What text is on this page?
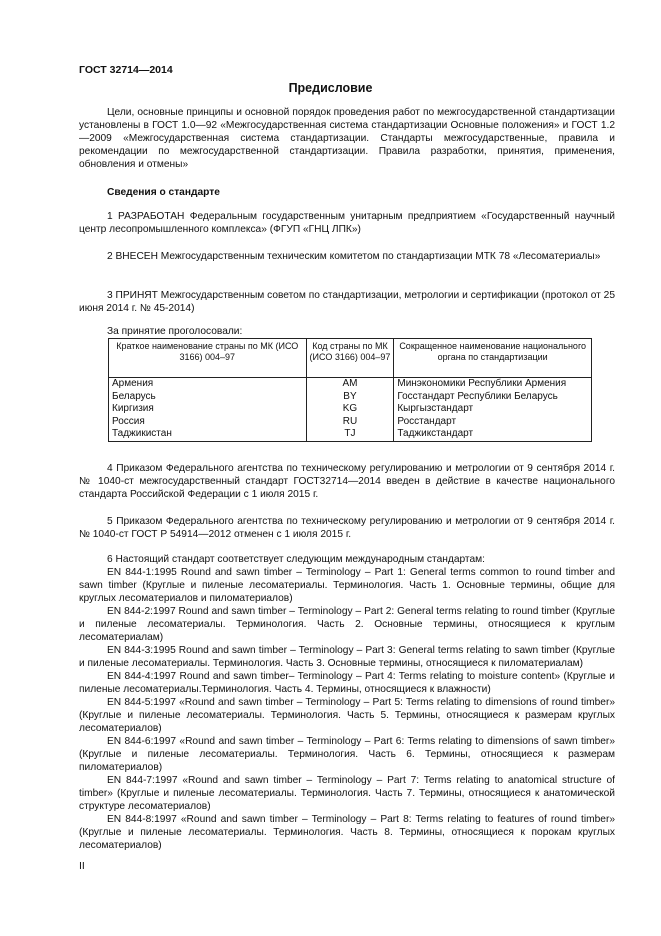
ГОСТ 32714—2014
Предисловие

Цели, основные принципы и основной порядок проведения работ по межгосударственной стандартизации установлены в ГОСТ 1.0—92 «Межгосударственная система стандартизации Основные положения» и ГОСТ 1.2—2009 «Межгосударственная система стандартизации. Стандарты межгосударственные, правила и рекомендации по межгосударственной стандартизации. Правила разработки, принятия, применения, обновления и отмены»

Сведения о стандарте

1 РАЗРАБОТАН Федеральным государственным унитарным предприятием «Государственный научный центр лесопромышленного комплекса» (ФГУП «ГНЦ ЛПК»)

2 ВНЕСЕН Межгосударственным техническим комитетом по стандартизации МТК 78 «Лесоматериалы»

3 ПРИНЯТ Межгосударственным советом по стандартизации, метрологии и сертификации (протокол от 25 июня 2014 г. № 45-2014)

За принятие проголосовали:

Краткое наименование страны по МК (ИСО 3166) 004–97	Код страны по МК (ИСО 3166) 004–97	Сокращенное наименование национального органа по стандартизации
Армения	AM	Минэкономики Республики Армения
Беларусь	BY	Госстандарт Республики Беларусь
Киргизия	KG	Кыргызстандарт
Россия	RU	Росстандарт
Таджикистан	TJ	Таджикстандарт

4 Приказом Федерального агентства по техническому регулированию и метрологии от 9 сентября 2014 г. № 1040-ст межгосударственный стандарт ГОСТ32714—2014 введен в действие в качестве национального стандарта Российской Федерации с 1 июля 2015 г.

5 Приказом Федерального агентства по техническому регулированию и метрологии от 9 сентября 2014 г. № 1040-ст ГОСТ Р 54914—2012 отменен с 1 июля 2015 г.

6 Настоящий стандарт соответствует следующим международным стандартам:

EN 844-1:1995 Round and sawn timber – Terminology – Part 1: General terms common to round timber and sawn timber (Круглые и пиленые лесоматериалы. Терминология. Часть 1. Основные термины, общие для круглых лесоматериалов и пиломатериалов)

EN 844-2:1997 Round and sawn timber – Terminology – Part 2: General terms relating to round timber (Круглые и пиленые лесоматериалы. Терминология. Часть 2. Основные термины, относящиеся к круглым лесоматериалам)

EN 844-3:1995 Round and sawn timber – Terminology – Part 3: General terms relating to sawn timber (Круглые и пиленые лесоматериалы. Терминология. Часть 3. Основные термины, относящиеся к пиломатериалам)

EN 844-4:1997 Round and sawn timber– Terminology – Part 4: Terms relating to moisture content» (Круглые и пиленые лесоматериалы.Терминология. Часть 4. Термины, относящиеся к влажности)

EN 844-5:1997 «Round and sawn timber – Terminology – Part 5: Terms relating to dimensions of round timber» (Круглые и пиленые лесоматериалы. Терминология. Часть 5. Термины, относящиеся к размерам круглых лесоматериалов)

EN 844-6:1997 «Round and sawn timber – Terminology – Part 6: Terms relating to dimensions of sawn timber» (Круглые и пиленые лесоматериалы. Терминология. Часть 6. Термины, относящиеся к размерам пиломатериалов)

EN 844-7:1997 «Round and sawn timber – Terminology – Part 7: Terms relating to anatomical structure of timber» (Круглые и пиленые лесоматериалы. Терминология. Часть 7. Термины, относящиеся к анатомической структуре лесоматериалов)

EN 844-8:1997 «Round and sawn timber – Terminology – Part 8: Terms relating to features of round timber» (Круглые и пиленые лесоматериалы. Терминология. Часть 8. Термины, относящиеся к порокам круглых лесоматериалов)

II
